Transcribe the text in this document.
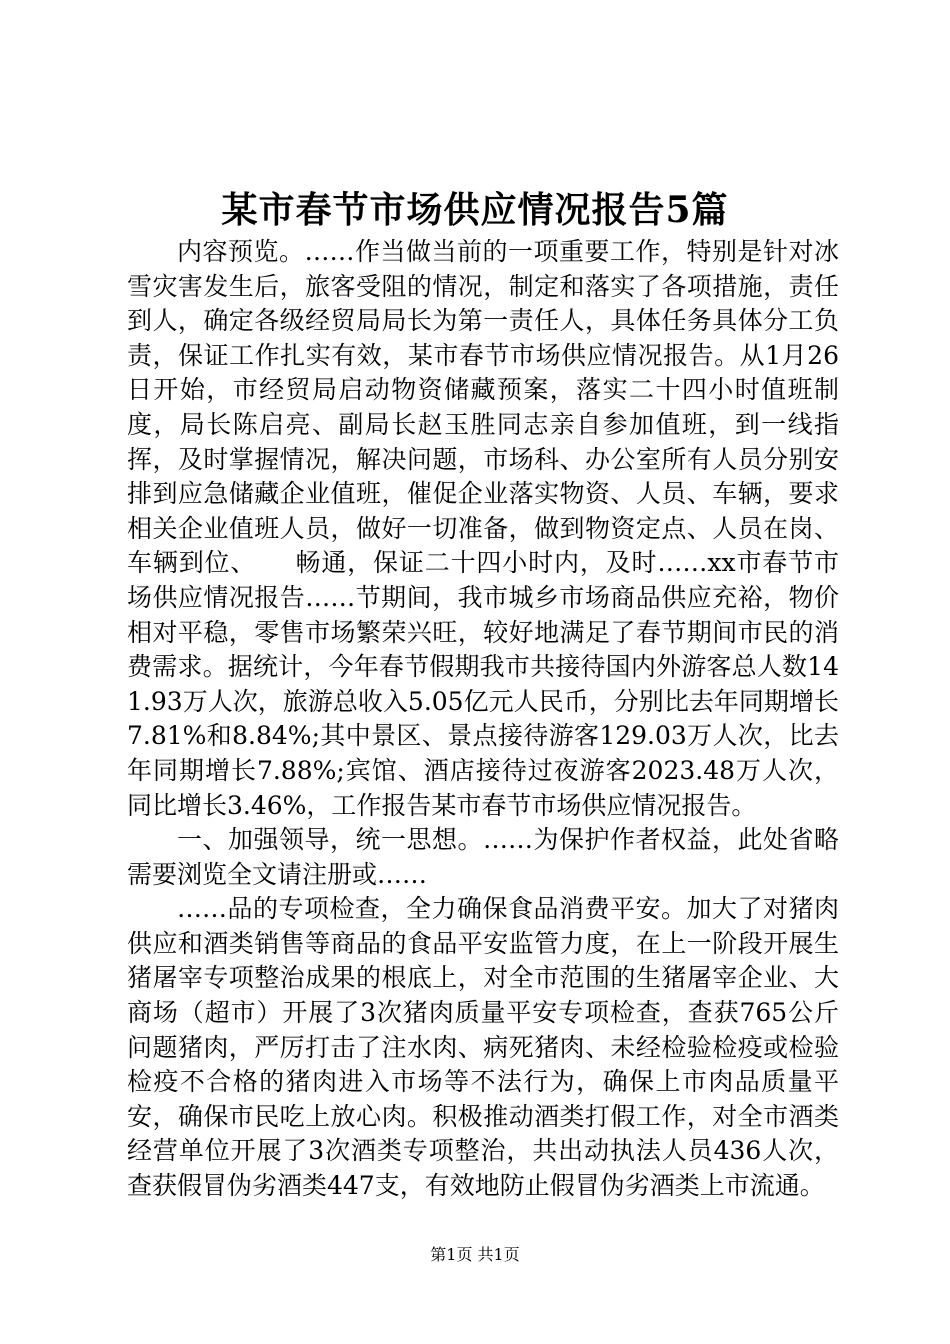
某市春节市场供应情况报告5篇

内容预览。……作当做当前的一项重要工作，特别是针对冰雪灾害发生后，旅客受阻的情况，制定和落实了各项措施，责任到人，确定各级经贸局局长为第一责任人，具体任务具体分工负责，保证工作扎实有效，某市春节市场供应情况报告。从1月26日开始，市经贸局启动物资储藏预案，落实二十四小时值班制度，局长陈启亮、副局长赵玉胜同志亲自参加值班，到一线指挥，及时掌握情况，解决问题，市场科、办公室所有人员分别安排到应急储藏企业值班，催促企业落实物资、人员、车辆，要求相关企业值班人员，做好一切准备，做到物资定点、人员在岗、车辆到位、　　畅通，保证二十四小时内，及时……xx市春节市场供应情况报告……节期间，我市城乡市场商品供应充裕，物价相对平稳，零售市场繁荣兴旺，较好地满足了春节期间市民的消费需求。据统计，今年春节假期我市共接待国内外游客总人数141.93万人次，旅游总收入5.05亿元人民币，分别比去年同期增长7.81%和8.84%;其中景区、景点接待游客129.03万人次，比去年同期增长7.88%;宾馆、酒店接待过夜游客2023.48万人次，同比增长3.46%，工作报告某市春节市场供应情况报告。

一、加强领导，统一思想。……为保护作者权益，此处省略需要浏览全文请注册或……

……品的专项检查，全力确保食品消费平安。加大了对猪肉供应和酒类销售等商品的食品平安监管力度，在上一阶段开展生猪屠宰专项整治成果的根底上，对全市范围的生猪屠宰企业、大商场（超市）开展了3次猪肉质量平安专项检查，查获765公斤问题猪肉，严厉打击了注水肉、病死猪肉、未经检验检疫或检验检疫不合格的猪肉进入市场等不法行为，确保上市肉品质量平安，确保市民吃上放心肉。积极推动酒类打假工作，对全市酒类经营单位开展了3次酒类专项整治，共出动执法人员436人次，查获假冒伪劣酒类447支，有效地防止假冒伪劣酒类上市流通。

第1页 共1页
